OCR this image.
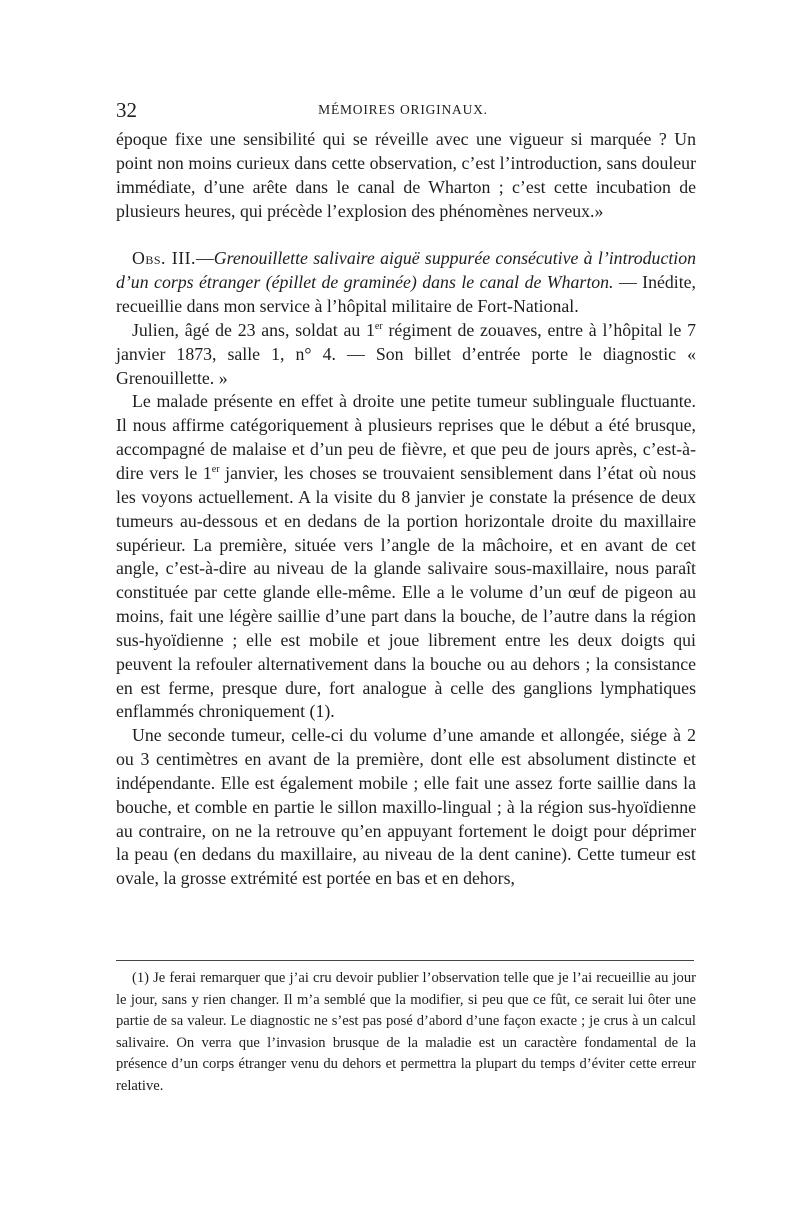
32	MÉMOIRES ORIGINAUX.

époque fixe une sensibilité qui se réveille avec une vigueur si marquée ? Un point non moins curieux dans cette observation, c’est l’introduction, sans douleur immédiate, d’une arête dans le canal de Wharton ; c’est cette incubation de plusieurs heures, qui précède l’explosion des phénomènes nerveux.»

Obs. III.—Grenouillette salivaire aiguë suppurée consécutive à l’introduction d’un corps étranger (épillet de graminée) dans le canal de Wharton. — Inédite, recueillie dans mon service à l’hôpital militaire de Fort-National.

Julien, âgé de 23 ans, soldat au 1er régiment de zouaves, entre à l’hôpital le 7 janvier 1873, salle 1, n° 4. — Son billet d’entrée porte le diagnostic « Grenouillette. »

Le malade présente en effet à droite une petite tumeur sublinguale fluctuante. Il nous affirme catégoriquement à plusieurs reprises que le début a été brusque, accompagné de malaise et d’un peu de fièvre, et que peu de jours après, c’est-à-dire vers le 1er janvier, les choses se trouvaient sensiblement dans l’état où nous les voyons actuellement. A la visite du 8 janvier je constate la présence de deux tumeurs au-dessous et en dedans de la portion horizontale droite du maxillaire supérieur. La première, située vers l’angle de la mâchoire, et en avant de cet angle, c’est-à-dire au niveau de la glande salivaire sous-maxillaire, nous paraît constituée par cette glande elle-même. Elle a le volume d’un œuf de pigeon au moins, fait une légère saillie d’une part dans la bouche, de l’autre dans la région sus-hyoïdienne ; elle est mobile et joue librement entre les deux doigts qui peuvent la refouler alternativement dans la bouche ou au dehors ; la consistance en est ferme, presque dure, fort analogue à celle des ganglions lymphatiques enflammés chroniquement (1).

Une seconde tumeur, celle-ci du volume d’une amande et allongée, siége à 2 ou 3 centimètres en avant de la première, dont elle est absolument distincte et indépendante. Elle est également mobile ; elle fait une assez forte saillie dans la bouche, et comble en partie le sillon maxillo-lingual ; à la région sus-hyoïdienne au contraire, on ne la retrouve qu’en appuyant fortement le doigt pour déprimer la peau (en dedans du maxillaire, au niveau de la dent canine). Cette tumeur est ovale, la grosse extrémité est portée en bas et en dehors,

(1) Je ferai remarquer que j’ai cru devoir publier l’observation telle que je l’ai recueillie au jour le jour, sans y rien changer. Il m’a semblé que la modifier, si peu que ce fût, ce serait lui ôter une partie de sa valeur. Le diagnostic ne s’est pas posé d’abord d’une façon exacte ; je crus à un calcul salivaire. On verra que l’invasion brusque de la maladie est un caractère fondamental de la présence d’un corps étranger venu du dehors et permettra la plupart du temps d’éviter cette erreur relative.
